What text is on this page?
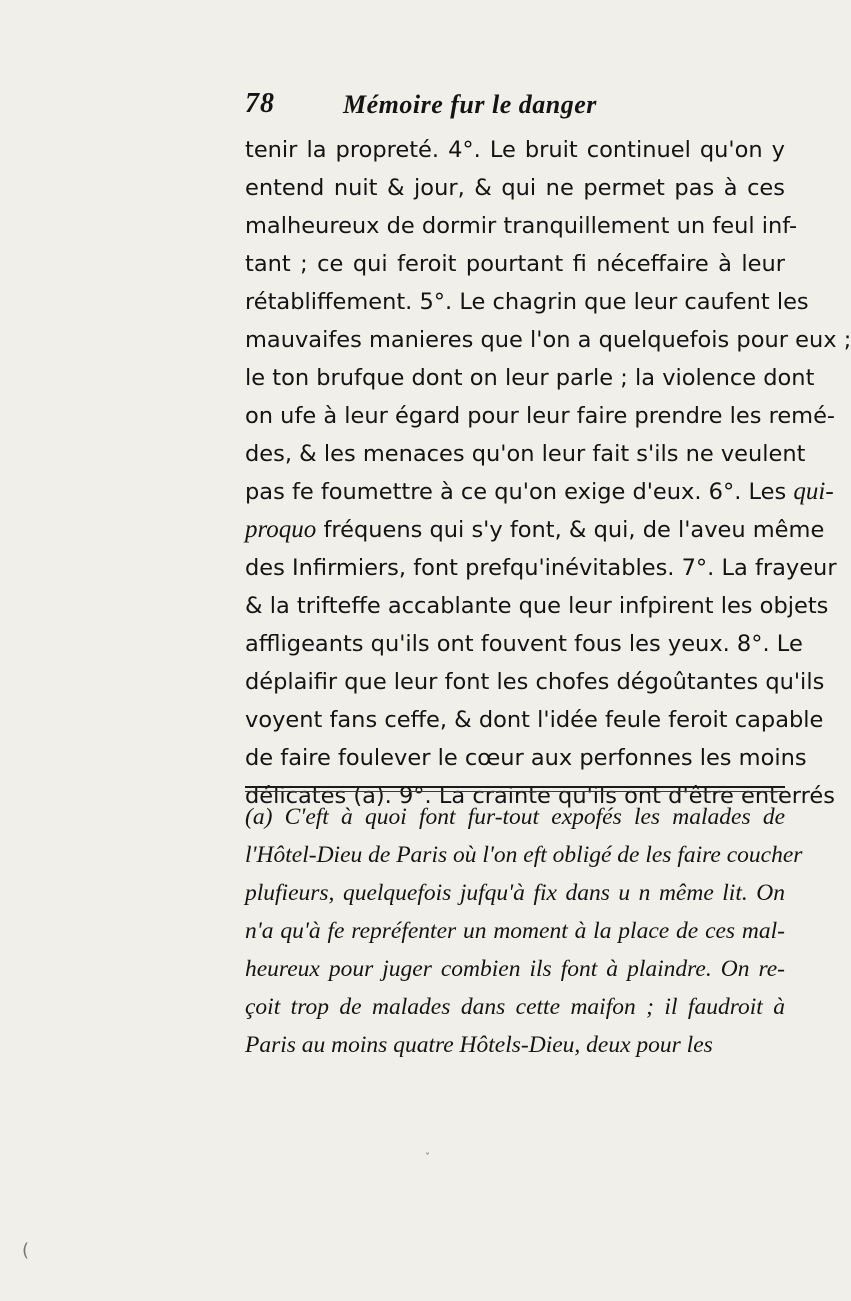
78	Mémoire fur le danger
tenir la propreté. 4°. Le bruit continuel qu'on y
entend nuit & jour, & qui ne permet pas à ces
malheureux de dormir tranquillement un feul inf-
tant ; ce qui feroit pourtant fi néceffaire à leur
rétabliffement. 5°. Le chagrin que leur caufent les
mauvaifes manieres que l'on a quelquefois pour eux ;
le ton brufque dont on leur parle ; la violence dont
on ufe à leur égard pour leur faire prendre les remé-
des, & les menaces qu'on leur fait s'ils ne veulent
pas fe foumettre à ce qu'on exige d'eux. 6°. Les qui-
proquo fréquens qui s'y font, & qui, de l'aveu même
des Infirmiers, font prefqu'inévitables. 7°. La frayeur
& la trifteffe accablante que leur infpirent les objets
affligeants qu'ils ont fouvent fous les yeux. 8°. Le
déplaifir que leur font les chofes dégoûtantes qu'ils
voyent fans ceffe, & dont l'idée feule feroit capable
de faire foulever le cœur aux perfonnes les moins
délicates (a). 9°. La crainte qu'ils ont d'être enterrés
(a) C'eft à quoi font fur-tout expofés les malades de
l'Hôtel-Dieu de Paris où l'on eft obligé de les faire coucher
plufieurs, quelquefois jufqu'à fix dans u n même lit. On
n'a qu'à fe repréfenter un moment à la place de ces mal-
heureux pour juger combien ils font à plaindre. On re-
çoit trop de malades dans cette maifon ; il faudroit à
Paris au moins quatre Hôtels-Dieu, deux pour les
ˇ
(
